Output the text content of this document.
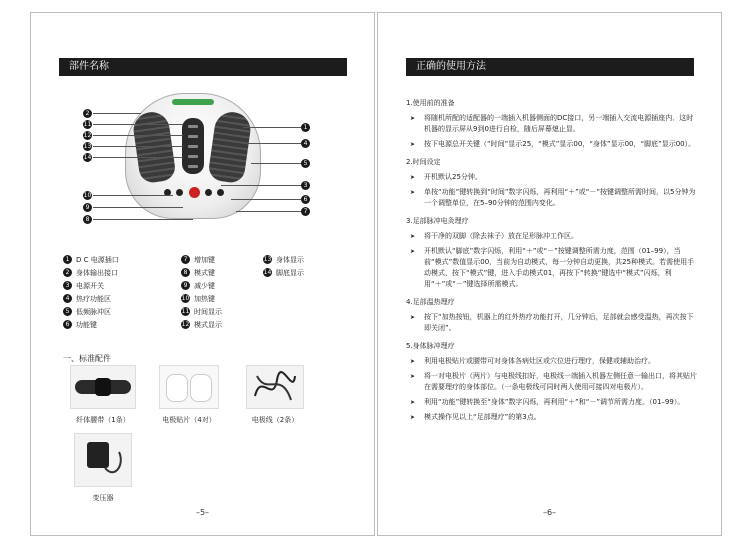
部件名称
2
11
12
13
14
10
9
8
1
4
5
3
6
7
1 D C 电源插口
2 身体输出接口
3 电源开关
4 热疗功能区
5 低频脉冲区
6 功能键
7 增加键
8 模式键
9 减少键
10 加热键
11 时间显示
12 模式显示
13 身体显示
14 脚底显示
一、标准配件
纤体腰带（1条）	电极贴片（4对）	电极线（2条）
变压器
–5–
正确的使用方法
1.使用前的准备
➤ 将随机所配的适配器的一端插入机器侧面的DC接口，另一端插入交流电源插座内．这时机器的显示屏从9到0进行自检，随后屏幕熄止显。
➤ 按下电源总开关键（“时间”显示25，“模式”显示00，“身体”显示00，“脚底”显示00）。
2.时间设定
➤ 开机默认25分钟。
➤ 单按“功能”键转换到“时间”数字闪烁，再利用“＋”或“－”按键调整所需时间，以5分钟为一个调整单位，在5–90分钟的范围内变化。
3.足部脉冲电灸理疗
➤ 将干净的双脚（除去袜子）放在足形脉冲工作区。
➤ 开机默认“脚底”数字闪烁，利用“＋”或“－”按键调整所需力度，范围（01–99），当前“模式”数值显示00，当前为自动模式，每一分钟自动更换，共25种模式。若需使用手动模式，按下“模式”键，进入手动模式01，再按下“转换”键选中“模式”闪烁，利用“＋”或“－”键选择所需模式。
4.足部温热理疗
➤ 按下“加热按钮，机器上的红外热疗功能打开，几分钟后，足部就会感受温热，再次按下即关闭”。
5.身体脉冲理疗
➤ 利用电极贴片或腰带可对身体各病灶区或穴位进行理疗，保健或辅助治疗。
➤ 将一对电极片（两片）与电极线扣好，电极线一端插入机器左侧任意一输出口，将其贴片在需要理疗的身体部位。（一条电极线可同时两人使用可接四对电极片）。
➤ 利用“功能”键转换至“身体”数字闪烁，再利用“＋”和“－”调节所需力度。（01–99）。
➤ 模式操作见以上“足部理疗”的第3点。
–6–
